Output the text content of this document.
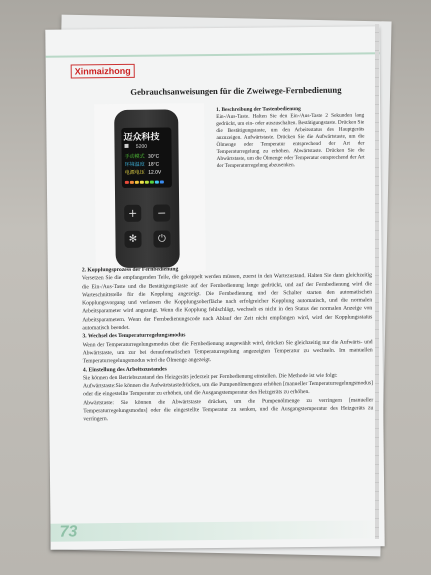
Xinmaizhong
Gebrauchsanweisungen für die Zweiwege-Fernbedienung
迈众科技
5200
手动模式 30°C
环境温度 18°C
电源电压 12.0V
+	−
✻	⏻
1. Beschreibung der Tastenbedienung
Ein-/Aus-Taste. Halten Sie den Ein-/Aus-Taste 2 Sekunden lang gedrückt, um ein- oder auszuschalten. Bestätigungstaste. Drücken Sie die Bestätigungstaste, um den Arbeitsstatus des Hauptgeräts anzuzeigen. Aufwärtstaste. Drücken Sie die Aufwärtstaste, um die Ölmenge oder Temperatur entsprechend der Art der Temperaturregelung zu erhöhen. Abwärtstaste. Drücken Sie die Abwärtstaste, um die Ölmenge oder Temperatur entsprechend der Art der Temperaturregelung abzusenken.

2. Kopplungsprozess der Fernbedienung

Versetzen Sie die empfangenden Teile, die gekoppelt werden müssen, zuerst in den Wartezustand. Halten Sie dann gleichzeitig die Ein-/Aus-Taste und die Bestätigungstaste auf der Fernbedienung lange gedrückt, und auf der Fernbedienung wird die Warteschnittstelle für die Kopplung angezeigt. Die Fernbedienung und der Schalter starten den automatischen Kopplungsvorgang und verlassen die Kopplungsoberfläche nach erfolgreicher Kopplung automatisch, und die normalen Arbeitsparameter wird angezeigt. Wenn die Kopplung fehlschlägt, wechselt es nicht in den Status der normalen Anzeige von Arbeitsparametern. Wenn der Fernbedienungscode nach Ablauf der Zeit nicht empfangen wird, wird der Kopplungsstatus automatisch beendet.

3. Wechsel des Temperaturregelungsmodus

Wenn der Temperaturregelungsmodus über die Fernbedienung ausgewählt wird, drücken Sie gleichzeitig nur die Aufwärts- und Abwärtstaste, um zur bei deraufomatischen Temperaturregelung angezeigten Temperatur zu wechseln. Im manuellen Temperaturregelungsmodus wird die Ölmenge angezeigt.

4. Einstellung des Arbeitszustandes

Sie können den Betriebszustand des Heizgeräts jederzeit per Fernbedienung einstellen. Die Methode ist wie folgt:

Aufwärtstaste:Sie können die Aufwärtstastedrücken, um die Pumpenölmengezu erhöhen [manueller Temperaturregelungsmodus] oder die eingestellte Temperatur zu erhöhen, und die Ausgangstemperatur des Heizgeräts zu erhöhen.

Abwärtstaste: Sie können die Abwärtstaste drücken, um die Pumpenölmenge zu verringern [manueller Temperaturregelungsmodus] oder die eingestellte Temperatur zu senken, und die Ausgangstemperatur des Heizgeräts zu verringern.

73
